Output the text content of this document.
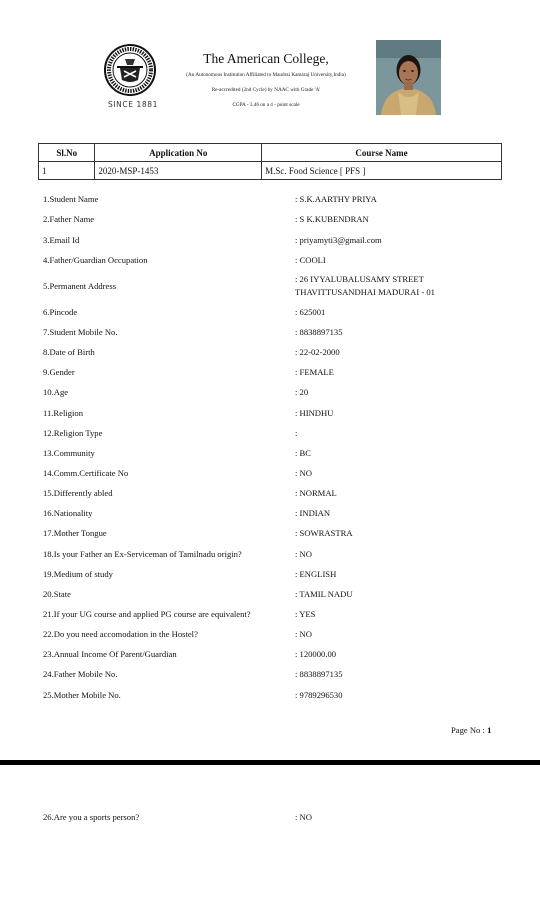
SINCE 1881
The American College,
(An Autonomous Institution Affiliated to Maudrai Kamaraj University,India)
Re-accredited (2nd Cycle) by NAAC with Grade 'A'
CGPA - 3.46 on a 4 - point scale
Sl.No	Application No	Course Name
1	2020-MSP-1453	M.Sc. Food Science [ PFS ]
1.Student Name	: S.K.AARTHY PRIYA
2.Father Name	: S K.KUBENDRAN
3.Email Id	: priyamyti3@gmail.com
4.Father/Guardian Occupation	: COOLI
5.Permanent Address
: 26 IYYALUBALUSAMY STREET
THAVITTUSANDHAI MADURAI - 01
6.Pincode	: 625001
7.Student Mobile No.	: 8838897135
8.Date of Birth	: 22-02-2000
9.Gender	: FEMALE
10.Age	: 20
11.Religion	: HINDHU
12.Religion Type	:
13.Community	: BC
14.Comm.Certificate No	: NO
15.Differently abled	: NORMAL
16.Nationality	: INDIAN
17.Mother Tongue	: SOWRASTRA
18.Is your Father an Ex-Serviceman of Tamilnadu origin?	: NO
19.Medium of study	: ENGLISH
20.State	: TAMIL NADU
21.If your UG course and applied PG course are equivalent?	: YES
22.Do you need accomodation in the Hostel?	: NO
23.Annual Income Of Parent/Guardian	: 120000.00
24.Father Mobile No.	: 8838897135
25.Mother Mobile No.	: 9789296530
Page No : 1
26.Are you a sports person?	: NO
